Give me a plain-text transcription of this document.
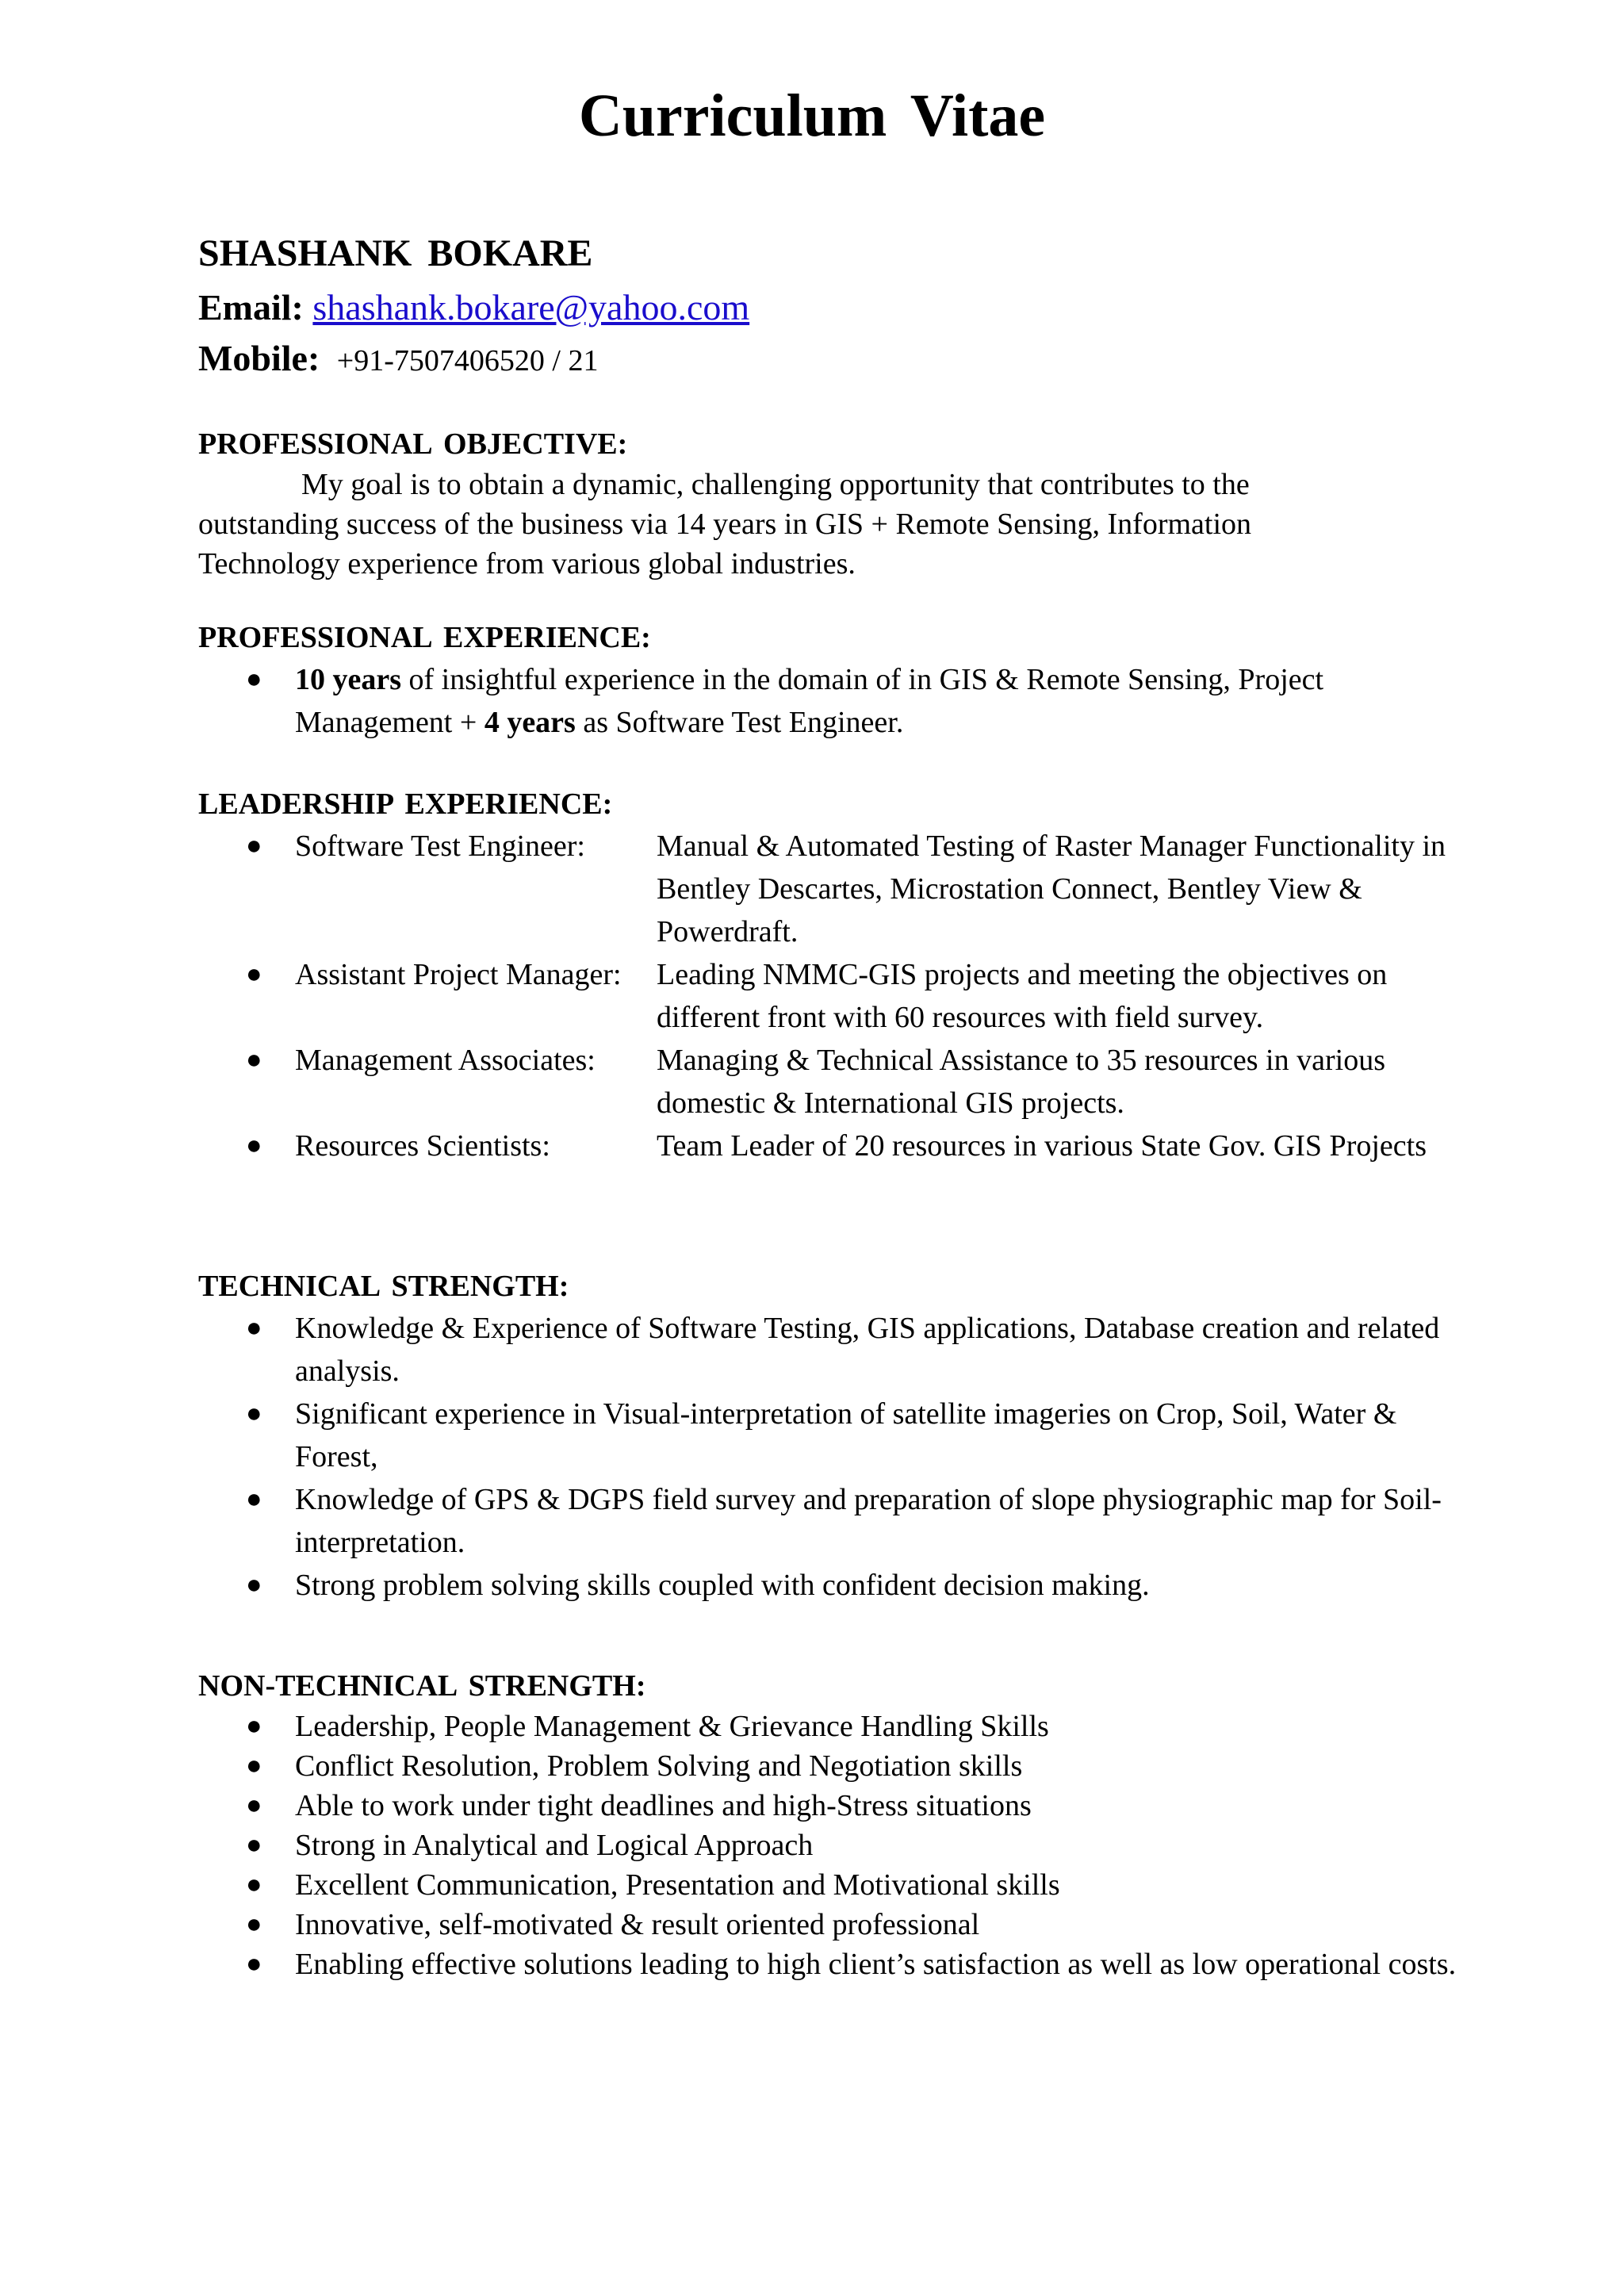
Curriculum Vitae
SHASHANK BOKARE
Email: shashank.bokare@yahoo.com
Mobile: +91-7507406520 / 21
PROFESSIONAL OBJECTIVE:
My goal is to obtain a dynamic, challenging opportunity that contributes to the outstanding success of the business via 14 years in GIS + Remote Sensing, Information Technology experience from various global industries.
PROFESSIONAL EXPERIENCE:
● 10 years of insightful experience in the domain of in GIS & Remote Sensing, Project Management + 4 years as Software Test Engineer.
LEADERSHIP EXPERIENCE:
● Software Test Engineer:	Manual & Automated Testing of Raster Manager Functionality in Bentley Descartes, Microstation Connect, Bentley View & Powerdraft.
● Assistant Project Manager:	Leading NMMC-GIS projects and meeting the objectives on different front with 60 resources with field survey.
● Management Associates:	Managing & Technical Assistance to 35 resources in various domestic & International GIS projects.
● Resources Scientists:	Team Leader of 20 resources in various State Gov. GIS Projects
TECHNICAL STRENGTH:
● Knowledge & Experience of Software Testing, GIS applications, Database creation and related analysis.
● Significant experience in Visual-interpretation of satellite imageries on Crop, Soil, Water & Forest,
● Knowledge of GPS & DGPS field survey and preparation of slope physiographic map for Soil-interpretation.
● Strong problem solving skills coupled with confident decision making.
NON-TECHNICAL STRENGTH:
● Leadership, People Management & Grievance Handling Skills
● Conflict Resolution, Problem Solving and Negotiation skills
● Able to work under tight deadlines and high-Stress situations
● Strong in Analytical and Logical Approach
● Excellent Communication, Presentation and Motivational skills
● Innovative, self-motivated & result oriented professional
● Enabling effective solutions leading to high client’s satisfaction as well as low operational costs.
